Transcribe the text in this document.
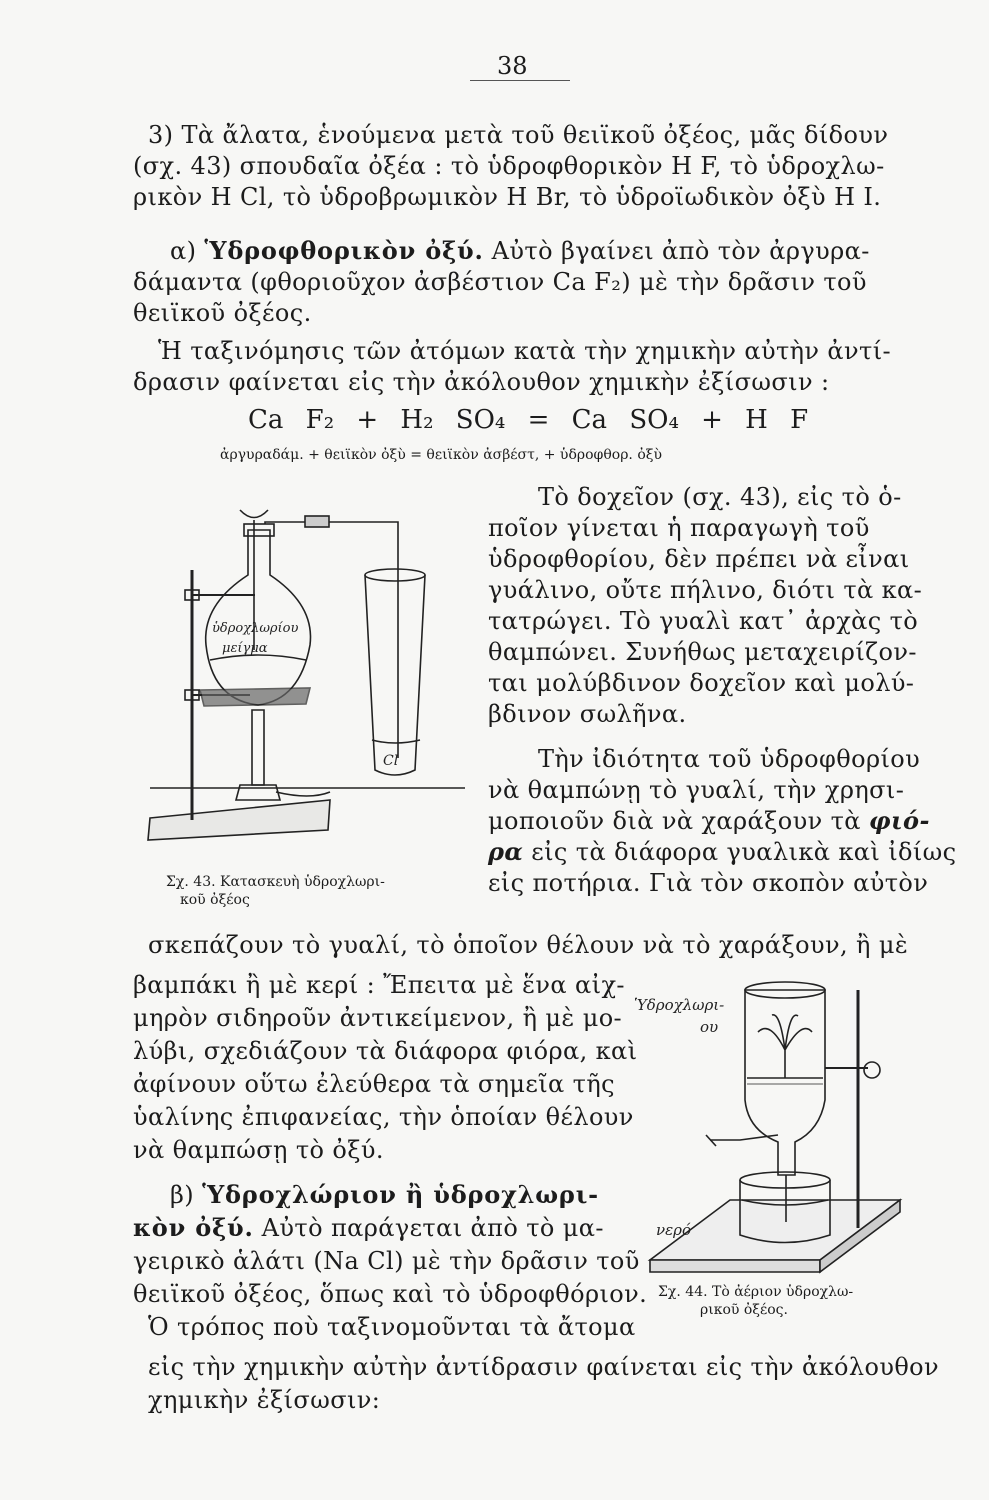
38
3) Τὰ ἄλατα, ἑνούμενα μετὰ τοῦ θειϊκοῦ ὀξέος, μᾶς δίδουν
(σχ. 43) σπουδαῖα ὀξέα : τὸ ὑδροφθορικὸν H F, τὸ ὑδροχλω-
ρικὸν H Cl, τὸ ὑδροβρωμικὸν H Br, τὸ ὑδροϊωδικὸν ὀξὺ H I.
α) Ὑδροφθορικὸν ὀξύ. Αὐτὸ βγαίνει ἀπὸ τὸν ἀργυρα-
δάμαντα (φθοριοῦχον ἀσβέστιον Ca F₂) μὲ τὴν δρᾶσιν τοῦ
θειϊκοῦ ὀξέος.
Ἡ ταξινόμησις τῶν ἀτόμων κατὰ τὴν χημικὴν αὐτὴν ἀντί-
δρασιν φαίνεται εἰς τὴν ἀκόλουθον χημικὴν ἐξίσωσιν :
Ca F₂ + H₂ SO₄ = Ca SO₄ + H F
ἀργυραδάμ. + θειϊκὸν ὀξὺ = θειϊκὸν ἀσβέστ, + ὑδροφθορ. ὀξὺ
Τὸ δοχεῖον (σχ. 43), εἰς τὸ ὁ-
ποῖον γίνεται ἡ παραγωγὴ τοῦ
ὑδροφθορίου, δὲν πρέπει νὰ εἶναι
γυάλινο, οὔτε πήλινο, διότι τὰ κα-
τατρώγει. Τὸ γυαλὶ κατ᾽ ἀρχὰς τὸ
θαμπώνει. Συνήθως μεταχειρίζον-
ται μολύβδινον δοχεῖον καὶ μολύ-
βδινον σωλῆνα.
Τὴν ἰδιότητα τοῦ ὑδροφθορίου
νὰ θαμπώνῃ τὸ γυαλί, τὴν χρησι-
μοποιοῦν διὰ νὰ χαράξουν τὰ φιό-
ρα εἰς τὰ διάφορα γυαλικὰ καὶ ἰδίως
εἰς ποτήρια. Γιὰ τὸν σκοπὸν αὐτὸν
ὑδροχλωρίου
μείγμα
Cl
Σχ. 43. Κατασκευὴ ὑδροχλωρι-
κοῦ ὀξέος
σκεπάζουν τὸ γυαλί, τὸ ὁποῖον θέλουν νὰ τὸ χαράξουν, ἢ μὲ
βαμπάκι ἢ μὲ κερί : Ἔπειτα μὲ ἕνα αἰχ-
μηρὸν σιδηροῦν ἀντικείμενον, ἢ μὲ μο-
λύβι, σχεδιάζουν τὰ διάφορα φιόρα, καὶ
ἀφίνουν οὕτω ἐλεύθερα τὰ σημεῖα τῆς
ὑαλίνης ἐπιφανείας, τὴν ὁποίαν θέλουν
νὰ θαμπώσῃ τὸ ὀξύ.
β) Ὑδροχλώριον ἢ ὑδροχλωρι-
κὸν ὀξύ. Αὐτὸ παράγεται ἀπὸ τὸ μα-
γειρικὸ ἁλάτι (Na Cl) μὲ τὴν δρᾶσιν τοῦ
θειϊκοῦ ὀξέος, ὅπως καὶ τὸ ὑδροφθόριον.
Ὁ τρόπος ποὺ ταξινομοῦνται τὰ ἄτομα
εἰς τὴν χημικὴν αὐτὴν ἀντίδρασιν φαίνεται εἰς τὴν ἀκόλουθον
χημικὴν ἐξίσωσιν:
Ὑδροχλωρι-
ου
νερό
Σχ. 44. Τὸ ἀέριον ὑδροχλω-
ρικοῦ ὀξέος.
